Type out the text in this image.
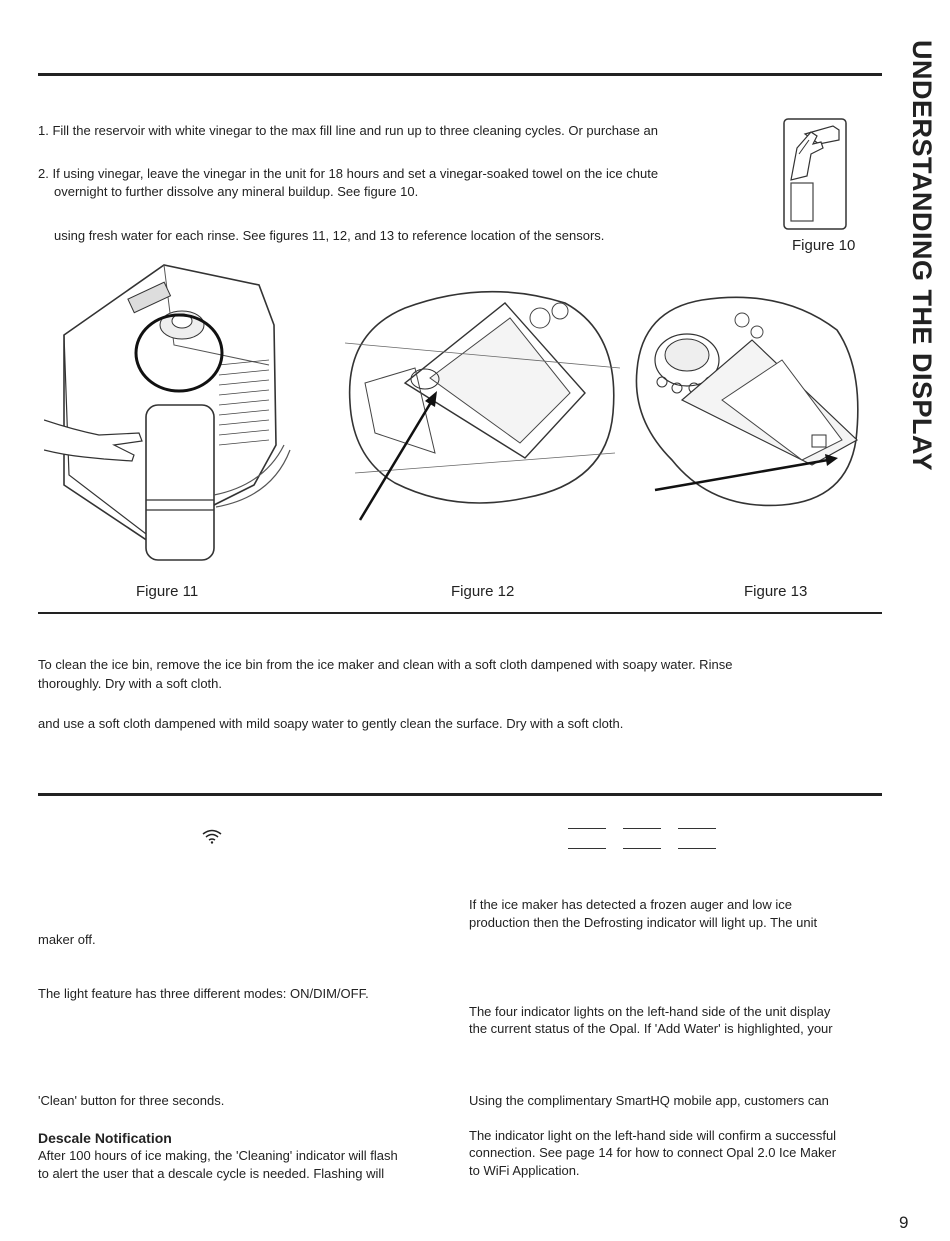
UNDERSTANDING THE DISPLAY
1. Fill the reservoir with white vinegar to the max fill line and run up to three cleaning cycles. Or purchase an
2. If using vinegar, leave the vinegar in the unit for 18 hours and set a vinegar-soaked towel on the ice chute
overnight to further dissolve any mineral buildup. See figure 10.
using fresh water for each rinse. See figures 11, 12, and 13 to reference location of the sensors.
Figure 10
Figure 11	Figure 12	Figure 13
To clean the ice bin, remove the ice bin from the ice maker and clean with a soft cloth dampened with soapy water. Rinse
thoroughly. Dry with a soft cloth.
and use a soft cloth dampened with mild soapy water to gently clean the surface. Dry with a soft cloth.
maker off.
The light feature has three different modes: ON/DIM/OFF.
'Clean' button for three seconds.
Descale Notification
After 100 hours of ice making, the 'Cleaning' indicator will flash
to alert the user that a descale cycle is needed. Flashing will
If the ice maker has detected a frozen auger and low ice
production then the Defrosting indicator will light up. The unit
The four indicator lights on the left-hand side of the unit display
the current status of the Opal. If 'Add Water' is highlighted, your
Using the complimentary SmartHQ mobile app, customers can
The indicator light on the left-hand side will confirm a successful
connection. See page 14 for how to connect Opal 2.0 Ice Maker
to WiFi Application.
9
